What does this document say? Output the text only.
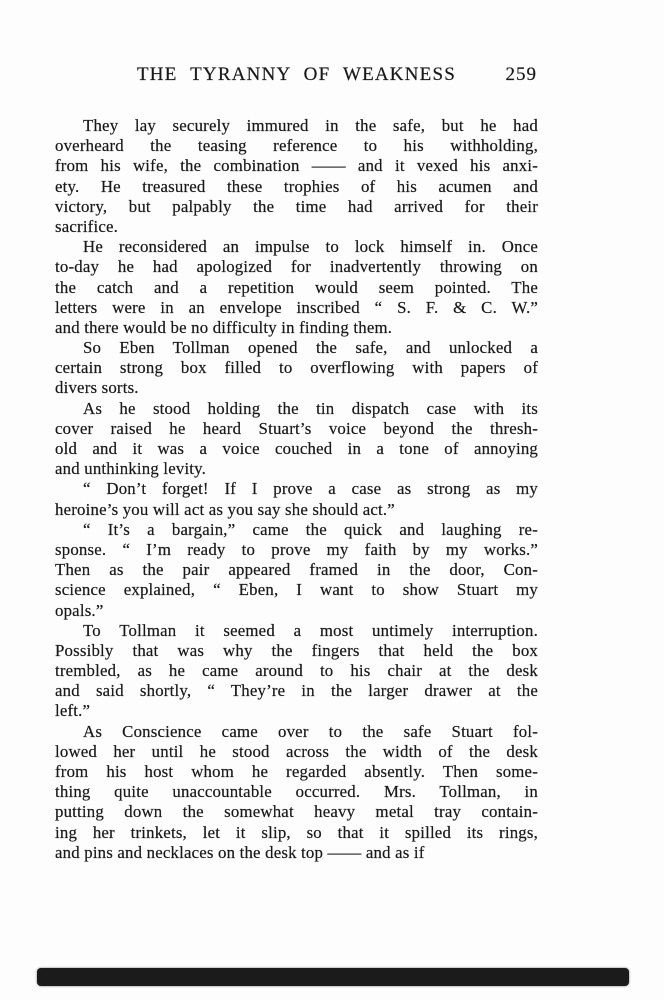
THE TYRANNY OF WEAKNESS	259
They lay securely immured in the safe, but he had
overheard the teasing reference to his withholding,
from his wife, the combination —— and it vexed his anxi-
ety. He treasured these trophies of his acumen and
victory, but palpably the time had arrived for their
sacrifice.
He reconsidered an impulse to lock himself in. Once
to-day he had apologized for inadvertently throwing on
the catch and a repetition would seem pointed. The
letters were in an envelope inscribed “ S. F. & C. W.”
and there would be no difficulty in finding them.
So Eben Tollman opened the safe, and unlocked a
certain strong box filled to overflowing with papers of
divers sorts.
As he stood holding the tin dispatch case with its
cover raised he heard Stuart’s voice beyond the thresh-
old and it was a voice couched in a tone of annoying
and unthinking levity.
“ Don’t forget! If I prove a case as strong as my
heroine’s you will act as you say she should act.”
“ It’s a bargain,” came the quick and laughing re-
sponse. “ I’m ready to prove my faith by my works.”
Then as the pair appeared framed in the door, Con-
science explained, “ Eben, I want to show Stuart my
opals.”
To Tollman it seemed a most untimely interruption.
Possibly that was why the fingers that held the box
trembled, as he came around to his chair at the desk
and said shortly, “ They’re in the larger drawer at the
left.”
As Conscience came over to the safe Stuart fol-
lowed her until he stood across the width of the desk
from his host whom he regarded absently. Then some-
thing quite unaccountable occurred. Mrs. Tollman, in
putting down the somewhat heavy metal tray contain-
ing her trinkets, let it slip, so that it spilled its rings,
and pins and necklaces on the desk top —— and as if
